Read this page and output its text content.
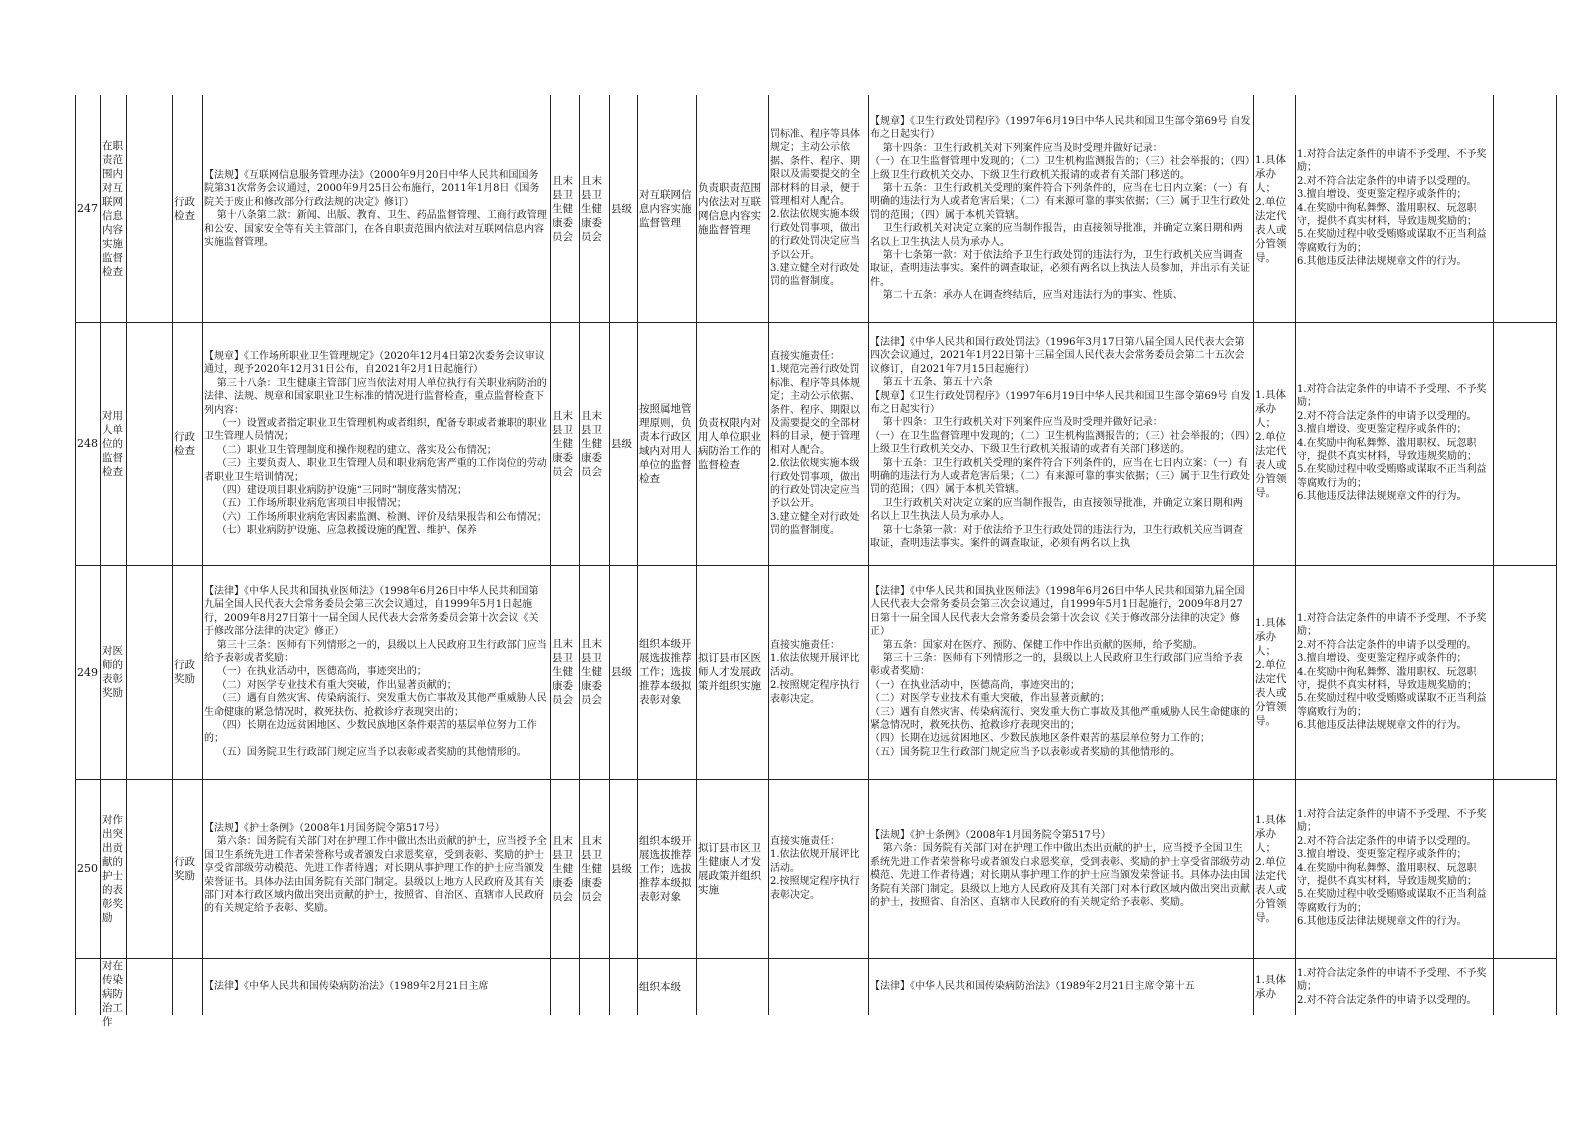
247
在职责范围内对互联网信息内容实施监督检查
行政检查
【法规】《互联网信息服务管理办法》（2000年9月20日中华人民共和国国务院第31次常务会议通过，2000年9月25日公布施行，2011年1月8日《国务院关于废止和修改部分行政法规的决定》修订）
第十八条第二款：新闻、出版、教育、卫生、药品监督管理、工商行政管理和公安、国家安全等有关主管部门，在各自职责范围内依法对互联网信息内容实施监督管理。
且末县卫生健康委员会
且末县卫生健康委员会
县级
对互联网信息内容实施监督管理
负责职责范围内依法对互联网信息内容实施监督管理
罚标准、程序等具体规定；主动公示依据、条件、程序、期限以及需要提交的全部材料的目录，便于管理相对人配合。
2.依法依规实施本级行政处罚事项，做出的行政处罚决定应当予以公开。
3.建立健全对行政处罚的监督制度。
【规章】《卫生行政处罚程序》（1997年6月19日中华人民共和国卫生部令第69号 自发布之日起实行）
第十四条：卫生行政机关对下列案件应当及时受理并做好记录：
（一）在卫生监督管理中发现的；（二）卫生机构监测报告的；（三）社会举报的；（四）上级卫生行政机关交办、下级卫生行政机关报请的或者有关部门移送的。
第十五条：卫生行政机关受理的案件符合下列条件的，应当在七日内立案：（一）有明确的违法行为人或者危害后果；（二）有来源可靠的事实依据；（三）属于卫生行政处罚的范围；（四）属于本机关管辖。
卫生行政机关对决定立案的应当制作报告，由直接领导批准，并确定立案日期和两名以上卫生执法人员为承办人。
第十七条第一款：对于依法给予卫生行政处罚的违法行为，卫生行政机关应当调查取证，查明违法事实。案件的调查取证，必须有两名以上执法人员参加，并出示有关证件。
第二十五条：承办人在调查终结后，应当对违法行为的事实、性质、
1.具体承办人；
2.单位法定代表人或分管领导。
1.对符合法定条件的申请不予受理、不予奖励；
2.对不符合法定条件的申请予以受理的。
3.擅自增设、变更鉴定程序或条件的；
4.在奖励中徇私舞弊、滥用职权、玩忽职守，提供不真实材料，导致违规奖励的；
5.在奖励过程中收受贿赂或谋取不正当利益等腐败行为的；
6.其他违反法律法规规章文件的行为。
248
对用人单位的监督检查
行政检查
【规章】《工作场所职业卫生管理规定》（2020年12月4日第2次委务会议审议通过，现予2020年12月31日公布，自2021年2月1日起施行）
第三十八条：卫生健康主管部门应当依法对用人单位执行有关职业病防治的法律、法规、规章和国家职业卫生标准的情况进行监督检查，重点监督检查下列内容：
（一）设置或者指定职业卫生管理机构或者组织，配备专职或者兼职的职业卫生管理人员情况；
（二）职业卫生管理制度和操作规程的建立、落实及公布情况；
（三）主要负责人、职业卫生管理人员和职业病危害严重的工作岗位的劳动者职业卫生培训情况；
（四）建设项目职业病防护设施“三同时”制度落实情况；
（五）工作场所职业病危害项目申报情况；
（六）工作场所职业病危害因素监测、检测、评价及结果报告和公布情况；
（七）职业病防护设施、应急救援设施的配置、维护、保养
且末县卫生健康委员会
且末县卫生健康委员会
县级
按照属地管理原则，负责本行政区域内对用人单位的监督检查
负责权限内对用人单位职业病防治工作的监督检查
直接实施责任：
1.规范完善行政处罚标准、程序等具体规定；主动公示依据、条件、程序、期限以及需要提交的全部材料的目录，便于管理相对人配合。
2.依法依规实施本级行政处罚事项，做出的行政处罚决定应当予以公开。
3.建立健全对行政处罚的监督制度。
【法律】《中华人民共和国行政处罚法》（1996年3月17日第八届全国人民代表大会第四次会议通过，2021年1月22日第十三届全国人民代表大会常务委员会第二十五次会议修订，自2021年7月15日起施行）
第五十五条、第五十六条
【规章】《卫生行政处罚程序》（1997年6月19日中华人民共和国卫生部令第69号 自发布之日起实行）
第十四条：卫生行政机关对下列案件应当及时受理并做好记录：
（一）在卫生监督管理中发现的；（二）卫生机构监测报告的；（三）社会举报的；（四）上级卫生行政机关交办、下级卫生行政机关报请的或者有关部门移送的。
第十五条：卫生行政机关受理的案件符合下列条件的，应当在七日内立案：（一）有明确的违法行为人或者危害后果；（二）有来源可靠的事实依据；（三）属于卫生行政处罚的范围；（四）属于本机关管辖。
卫生行政机关对决定立案的应当制作报告，由直接领导批准，并确定立案日期和两名以上卫生执法人员为承办人。
第十七条第一款：对于依法给予卫生行政处罚的违法行为，卫生行政机关应当调查取证，查明违法事实。案件的调查取证，必须有两名以上执
1.具体承办人；
2.单位法定代表人或分管领导。
1.对符合法定条件的申请不予受理、不予奖励；
2.对不符合法定条件的申请予以受理的。
3.擅自增设、变更鉴定程序或条件的；
4.在奖励中徇私舞弊、滥用职权、玩忽职守，提供不真实材料，导致违规奖励的；
5.在奖励过程中收受贿赂或谋取不正当利益等腐败行为的；
6.其他违反法律法规规章文件的行为。
249
对医师的表彰奖励
行政奖励
【法律】《中华人民共和国执业医师法》（1998年6月26日中华人民共和国第九届全国人民代表大会常务委员会第三次会议通过，自1999年5月1日起施行，2009年8月27日第十一届全国人民代表大会常务委员会第十次会议《关于修改部分法律的决定》修正）
第三十三条：医师有下列情形之一的，县级以上人民政府卫生行政部门应当给予表彰或者奖励：
（一）在执业活动中，医德高尚，事迹突出的；
（二）对医学专业技术有重大突破，作出显著贡献的；
（三）遇有自然灾害、传染病流行、突发重大伤亡事故及其他严重威胁人民生命健康的紧急情况时，救死扶伤、抢救诊疗表现突出的；
（四）长期在边远贫困地区、少数民族地区条件艰苦的基层单位努力工作的；
（五）国务院卫生行政部门规定应当予以表彰或者奖励的其他情形的。
且末县卫生健康委员会
且末县卫生健康委员会
县级
组织本级开展选拔推荐工作；选拔推荐本级拟表彰对象
拟订县市区医师人才发展政策并组织实施
直接实施责任：
1.依法依规开展评比活动。
2.按照规定程序执行表彰决定。
【法律】《中华人民共和国执业医师法》（1998年6月26日中华人民共和国第九届全国人民代表大会常务委员会第三次会议通过，自1999年5月1日起施行，2009年8月27日第十一届全国人民代表大会常务委员会第十次会议《关于修改部分法律的决定》修正）
第五条：国家对在医疗、预防、保健工作中作出贡献的医师，给予奖励。
第三十三条：医师有下列情形之一的，县级以上人民政府卫生行政部门应当给予表彰或者奖励：
（一）在执业活动中，医德高尚，事迹突出的；
（二）对医学专业技术有重大突破，作出显著贡献的；
（三）遇有自然灾害、传染病流行、突发重大伤亡事故及其他严重威胁人民生命健康的紧急情况时，救死扶伤、抢救诊疗表现突出的；
（四）长期在边远贫困地区、少数民族地区条件艰苦的基层单位努力工作的；
（五）国务院卫生行政部门规定应当予以表彰或者奖励的其他情形的。
1.具体承办人；
2.单位法定代表人或分管领导。
1.对符合法定条件的申请不予受理、不予奖励；
2.对不符合法定条件的申请予以受理的。
3.擅自增设、变更鉴定程序或条件的；
4.在奖励中徇私舞弊、滥用职权、玩忽职守，提供不真实材料，导致违规奖励的；
5.在奖励过程中收受贿赂或谋取不正当利益等腐败行为的；
6.其他违反法律法规规章文件的行为。
250
对作出突出贡献的护士的表彰奖励
行政奖励
【法规】《护士条例》（2008年1月国务院令第517号）
第六条：国务院有关部门对在护理工作中做出杰出贡献的护士，应当授予全国卫生系统先进工作者荣誉称号或者颁发白求恩奖章，受到表彰、奖励的护士享受省部级劳动模范、先进工作者待遇；对长期从事护理工作的护士应当颁发荣誉证书。具体办法由国务院有关部门制定。县级以上地方人民政府及其有关部门对本行政区域内做出突出贡献的护士，按照省、自治区、直辖市人民政府的有关规定给予表彰、奖励。
且末县卫生健康委员会
且末县卫生健康委员会
县级
组织本级开展选拔推荐工作；选拔推荐本级拟表彰对象
拟订县市区卫生健康人才发展政策并组织实施
直接实施责任：
1.依法依规开展评比活动。
2.按照规定程序执行表彰决定。
【法规】《护士条例》（2008年1月国务院令第517号）
第六条：国务院有关部门对在护理工作中做出杰出贡献的护士，应当授予全国卫生系统先进工作者荣誉称号或者颁发白求恩奖章，受到表彰、奖励的护士享受省部级劳动模范、先进工作者待遇；对长期从事护理工作的护士应当颁发荣誉证书。具体办法由国务院有关部门制定。县级以上地方人民政府及其有关部门对本行政区域内做出突出贡献的护士，按照省、自治区、直辖市人民政府的有关规定给予表彰、奖励。
1.具体承办人；
2.单位法定代表人或分管领导。
1.对符合法定条件的申请不予受理、不予奖励；
2.对不符合法定条件的申请予以受理的。
3.擅自增设、变更鉴定程序或条件的；
4.在奖励中徇私舞弊、滥用职权、玩忽职守，提供不真实材料，导致违规奖励的；
5.在奖励过程中收受贿赂或谋取不正当利益等腐败行为的；
6.其他违反法律法规规章文件的行为。
对在传染病防治工作
【法律】《中华人民共和国传染病防治法》（1989年2月21日主席	组织本级	【法律】《中华人民共和国传染病防治法》（1989年2月21日主席令第十五
1.具体承办
1.对符合法定条件的申请不予受理、不予奖励；
2.对不符合法定条件的申请予以受理的。
